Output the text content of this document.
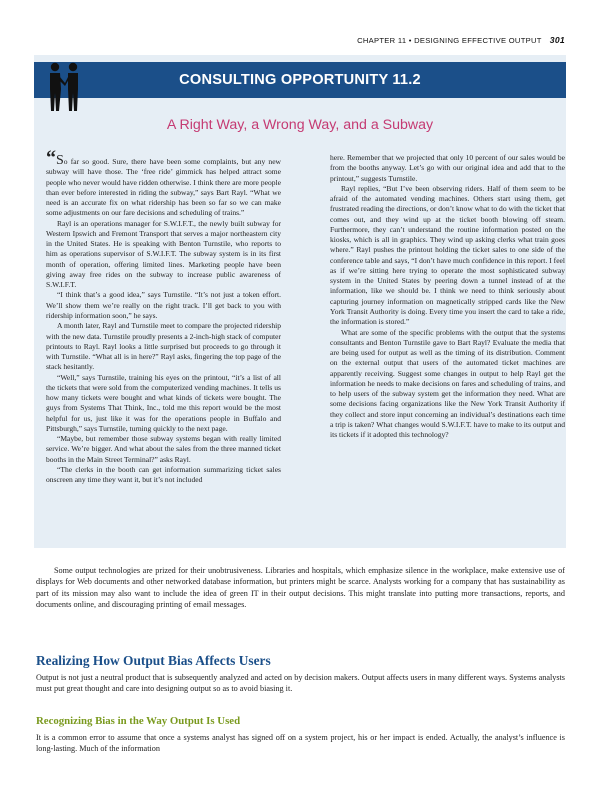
CHAPTER 11 • DESIGNING EFFECTIVE OUTPUT 301
CONSULTING OPPORTUNITY 11.2
A Right Way, a Wrong Way, and a Subway

“So far so good. Sure, there have been some complaints, but any new subway will have those. The ‘free ride’ gimmick has helped attract some people who never would have ridden otherwise. I think there are more people than ever before interested in riding the subway,” says Bart Rayl. “What we need is an accurate fix on what ridership has been so far so we can make some adjustments on our fare decisions and scheduling of trains.”

Rayl is an operations manager for S.W.I.F.T., the newly built subway for Western Ipswich and Fremont Transport that serves a major northeastern city in the United States. He is speaking with Benton Turnstile, who reports to him as operations supervisor of S.W.I.F.T. The subway system is in its first month of operation, offering limited lines. Marketing people have been giving away free rides on the subway to increase public awareness of S.W.I.F.T.

“I think that’s a good idea,” says Turnstile. “It’s not just a token effort. We’ll show them we’re really on the right track. I’ll get back to you with ridership information soon,” he says.

A month later, Rayl and Turnstile meet to compare the projected ridership with the new data. Turnstile proudly presents a 2-inch-high stack of computer printouts to Rayl. Rayl looks a little surprised but proceeds to go through it with Turnstile. “What all is in here?” Rayl asks, fingering the top page of the stack hesitantly.

“Well,” says Turnstile, training his eyes on the printout, “it’s a list of all the tickets that were sold from the computerized vending machines. It tells us how many tickets were bought and what kinds of tickets were bought. The guys from Systems That Think, Inc., told me this report would be the most helpful for us, just like it was for the operations people in Buffalo and Pittsburgh,” says Turnstile, turning quickly to the next page.

“Maybe, but remember those subway systems began with really limited service. We’re bigger. And what about the sales from the three manned ticket booths in the Main Street Terminal?” asks Rayl.

“The clerks in the booth can get information summarizing ticket sales onscreen any time they want it, but it’s not included

here. Remember that we projected that only 10 percent of our sales would be from the booths anyway. Let’s go with our original idea and add that to the printout,” suggests Turnstile.

Rayl replies, “But I’ve been observing riders. Half of them seem to be afraid of the automated vending machines. Others start using them, get frustrated reading the directions, or don’t know what to do with the ticket that comes out, and they wind up at the ticket booth blowing off steam. Furthermore, they can’t understand the routine information posted on the kiosks, which is all in graphics. They wind up asking clerks what train goes where.” Rayl pushes the printout holding the ticket sales to one side of the conference table and says, “I don’t have much confidence in this report. I feel as if we’re sitting here trying to operate the most sophisticated subway system in the United States by peering down a tunnel instead of at the information, like we should be. I think we need to think seriously about capturing journey information on magnetically stripped cards like the New York Transit Authority is doing. Every time you insert the card to take a ride, the information is stored.”

What are some of the specific problems with the output that the systems consultants and Benton Turnstile gave to Bart Rayl? Evaluate the media that are being used for output as well as the timing of its distribution. Comment on the external output that users of the automated ticket machines are apparently receiving. Suggest some changes in output to help Rayl get the information he needs to make decisions on fares and scheduling of trains, and to help users of the subway system get the information they need. What are some decisions facing organizations like the New York Transit Authority if they collect and store input concerning an individual’s destinations each time a trip is taken? What changes would S.W.I.F.T. have to make to its output and its tickets if it adopted this technology?

Some output technologies are prized for their unobtrusiveness. Libraries and hospitals, which emphasize silence in the workplace, make extensive use of displays for Web documents and other networked database information, but printers might be scarce. Analysts working for a company that has sustainability as part of its mission may also want to include the idea of green IT in their output decisions. This might translate into putting more transactions, reports, and documents online, and discouraging printing of email messages.

Realizing How Output Bias Affects Users

Output is not just a neutral product that is subsequently analyzed and acted on by decision makers. Output affects users in many different ways. Systems analysts must put great thought and care into designing output so as to avoid biasing it.

Recognizing Bias in the Way Output Is Used

It is a common error to assume that once a systems analyst has signed off on a system project, his or her impact is ended. Actually, the analyst’s influence is long-lasting. Much of the information
